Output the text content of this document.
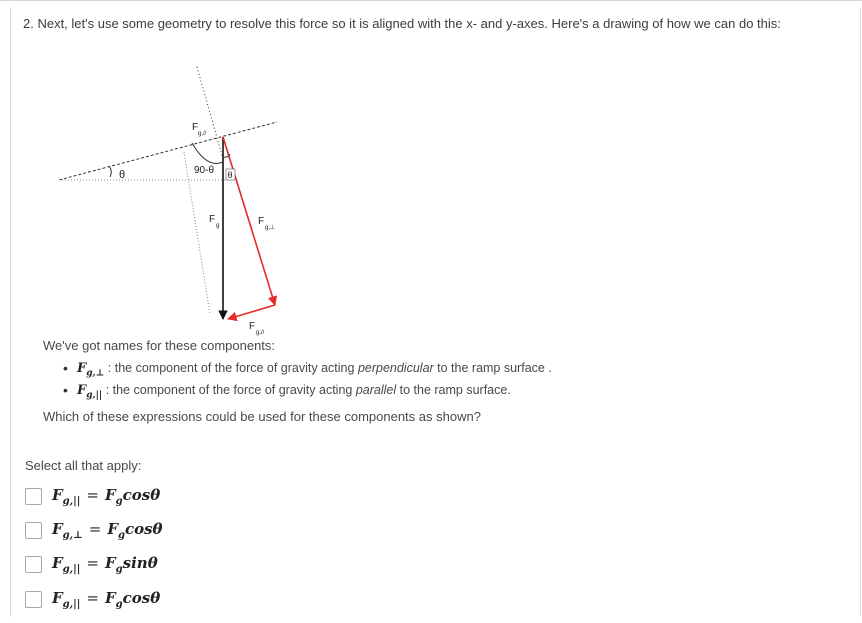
2. Next, let's use some geometry to resolve this force so it is aligned with the x- and y-axes. Here's a drawing of how we can do this:
θ	90-θ θ
F
g,//
F
g	F
g,⊥
F
g,//
We've got names for these components:
• $F_{g,\perp}$ : the component of the force of gravity acting perpendicular to the ramp surface .
• $F_{g,||}$ : the component of the force of gravity acting parallel to the ramp surface.
Which of these expressions could be used for these components as shown?
Select all that apply:
$F_{g,||} = F_g\cos\theta$
$F_{g,\perp} = F_g\cos\theta$
$F_{g,||} = F_g\sin\theta$
$F_{g,||} = F_g\cos\theta$
